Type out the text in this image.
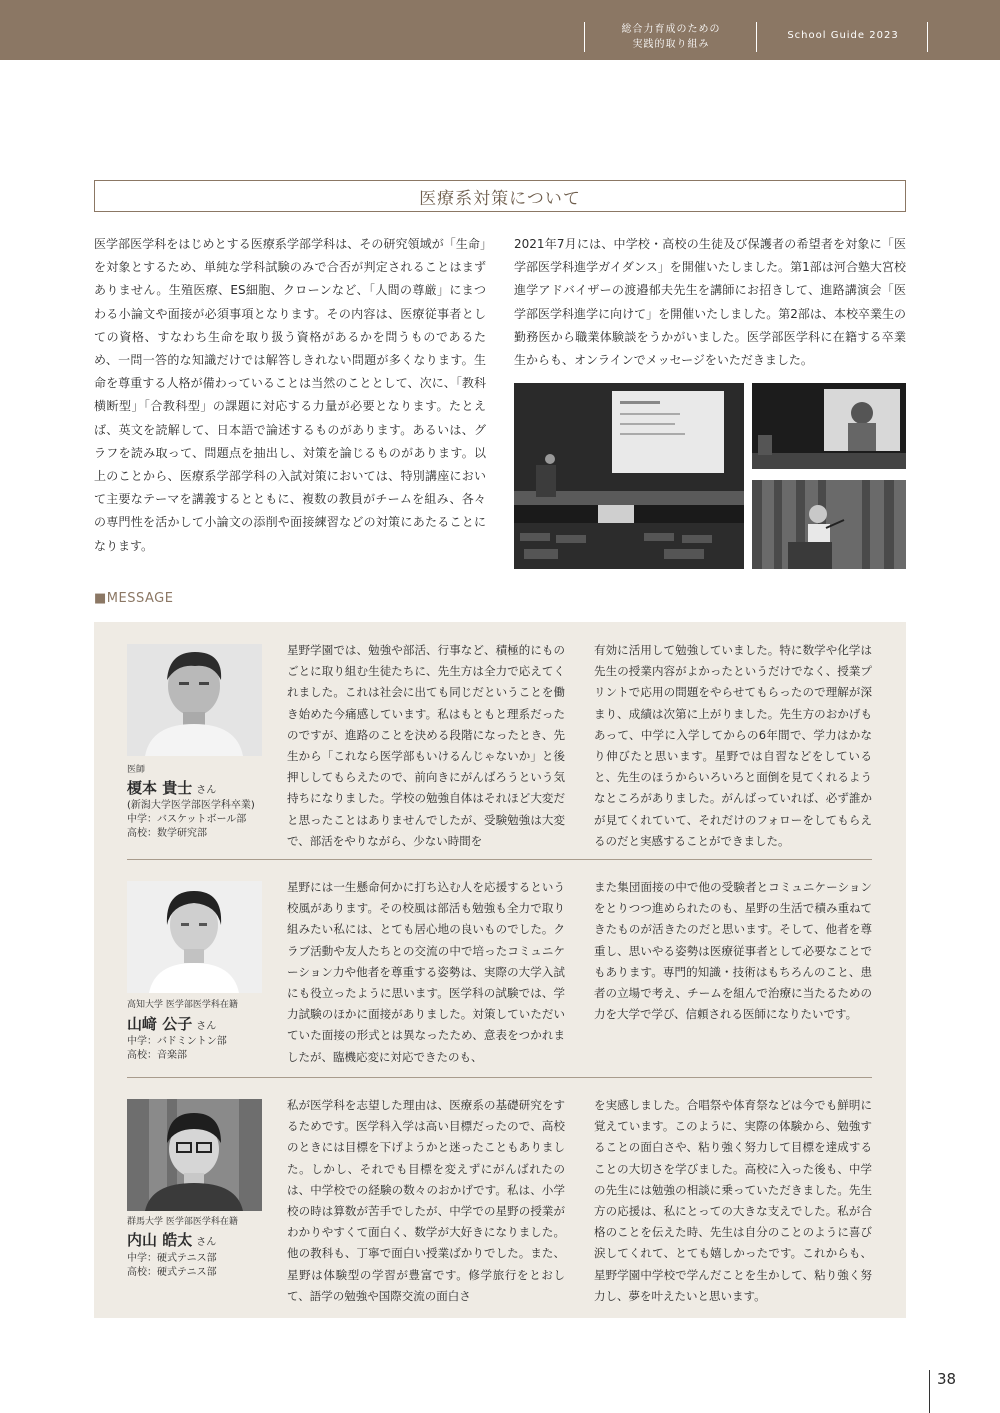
総合力育成のための
実践的取り組み
School Guide 2023
医療系対策について
医学部医学科をはじめとする医療系学部学科は、その研究領域が「生命」を対象とするため、単純な学科試験のみで合否が判定されることはまずありません。生殖医療、ES細胞、クローンなど、「人間の尊厳」にまつわる小論文や面接が必須事項となります。その内容は、医療従事者としての資格、すなわち生命を取り扱う資格があるかを問うものであるため、一問一答的な知識だけでは解答しきれない問題が多くなります。生命を尊重する人格が備わっていることは当然のこととして、次に、「教科横断型」「合教科型」の課題に対応する力量が必要となります。たとえば、英文を読解して、日本語で論述するものがあります。あるいは、グラフを読み取って、問題点を抽出し、対策を論じるものがあります。以上のことから、医療系学部学科の入試対策においては、特別講座において主要なテーマを講義するとともに、複数の教員がチームを組み、各々の専門性を活かして小論文の添削や面接練習などの対策にあたることになります。
2021年7月には、中学校・高校の生徒及び保護者の希望者を対象に「医学部医学科進学ガイダンス」を開催いたしました。第1部は河合塾大宮校 進学アドバイザーの渡邉郁夫先生を講師にお招きして、進路講演会「医学部医学科進学に向けて」を開催いたしました。第2部は、本校卒業生の勤務医から職業体験談をうかがいました。医学部医学科に在籍する卒業生からも、オンラインでメッセージをいただきました。
■MESSAGE
医師
榎本 貴士 さん
(新潟大学医学部医学科卒業)
中学：バスケットボール部
高校：数学研究部
星野学園では、勉強や部活、行事など、積極的にものごとに取り組む生徒たちに、先生方は全力で応えてくれました。これは社会に出ても同じだということを働き始めた今痛感しています。私はもともと理系だったのですが、進路のことを決める段階になったとき、先生から「これなら医学部もいけるんじゃないか」と後押ししてもらえたので、前向きにがんばろうという気持ちになりました。学校の勉強自体はそれほど大変だと思ったことはありませんでしたが、受験勉強は大変で、部活をやりながら、少ない時間を
有効に活用して勉強していました。特に数学や化学は先生の授業内容がよかったというだけでなく、授業プリントで応用の問題をやらせてもらったので理解が深まり、成績は次第に上がりました。先生方のおかげもあって、中学に入学してからの6年間で、学力はかなり伸びたと思います。星野では自習などをしていると、先生のほうからいろいろと面倒を見てくれるようなところがありました。がんばっていれば、必ず誰かが見てくれていて、それだけのフォローをしてもらえるのだと実感することができました。
高知大学 医学部医学科在籍
山﨑 公子 さん
中学：バドミントン部
高校：音楽部
星野には一生懸命何かに打ち込む人を応援するという校風があります。その校風は部活も勉強も全力で取り組みたい私には、とても居心地の良いものでした。クラブ活動や友人たちとの交流の中で培ったコミュニケーション力や他者を尊重する姿勢は、実際の大学入試にも役立ったように思います。医学科の試験では、学力試験のほかに面接がありました。対策していただいていた面接の形式とは異なったため、意表をつかれましたが、臨機応変に対応できたのも、
また集団面接の中で他の受験者とコミュニケーションをとりつつ進められたのも、星野の生活で積み重ねてきたものが活きたのだと思います。そして、他者を尊重し、思いやる姿勢は医療従事者として必要なことでもあります。専門的知識・技術はもちろんのこと、患者の立場で考え、チームを組んで治療に当たるための力を大学で学び、信頼される医師になりたいです。
群馬大学 医学部医学科在籍
内山 皓太 さん
中学：硬式テニス部
高校：硬式テニス部
私が医学科を志望した理由は、医療系の基礎研究をするためです。医学科入学は高い目標だったので、高校のときには目標を下げようかと迷ったこともありました。しかし、それでも目標を変えずにがんばれたのは、中学校での経験の数々のおかげです。私は、小学校の時は算数が苦手でしたが、中学での星野の授業がわかりやすくて面白く、数学が大好きになりました。他の教科も、丁寧で面白い授業ばかりでした。また、星野は体験型の学習が豊富です。修学旅行をとおして、語学の勉強や国際交流の面白さ
を実感しました。合唱祭や体育祭などは今でも鮮明に覚えています。このように、実際の体験から、勉強することの面白さや、粘り強く努力して目標を達成することの大切さを学びました。高校に入った後も、中学の先生には勉強の相談に乗っていただきました。先生方の応援は、私にとっての大きな支えでした。私が合格のことを伝えた時、先生は自分のことのように喜び涙してくれて、とても嬉しかったです。これからも、星野学園中学校で学んだことを生かして、粘り強く努力し、夢を叶えたいと思います。
38
